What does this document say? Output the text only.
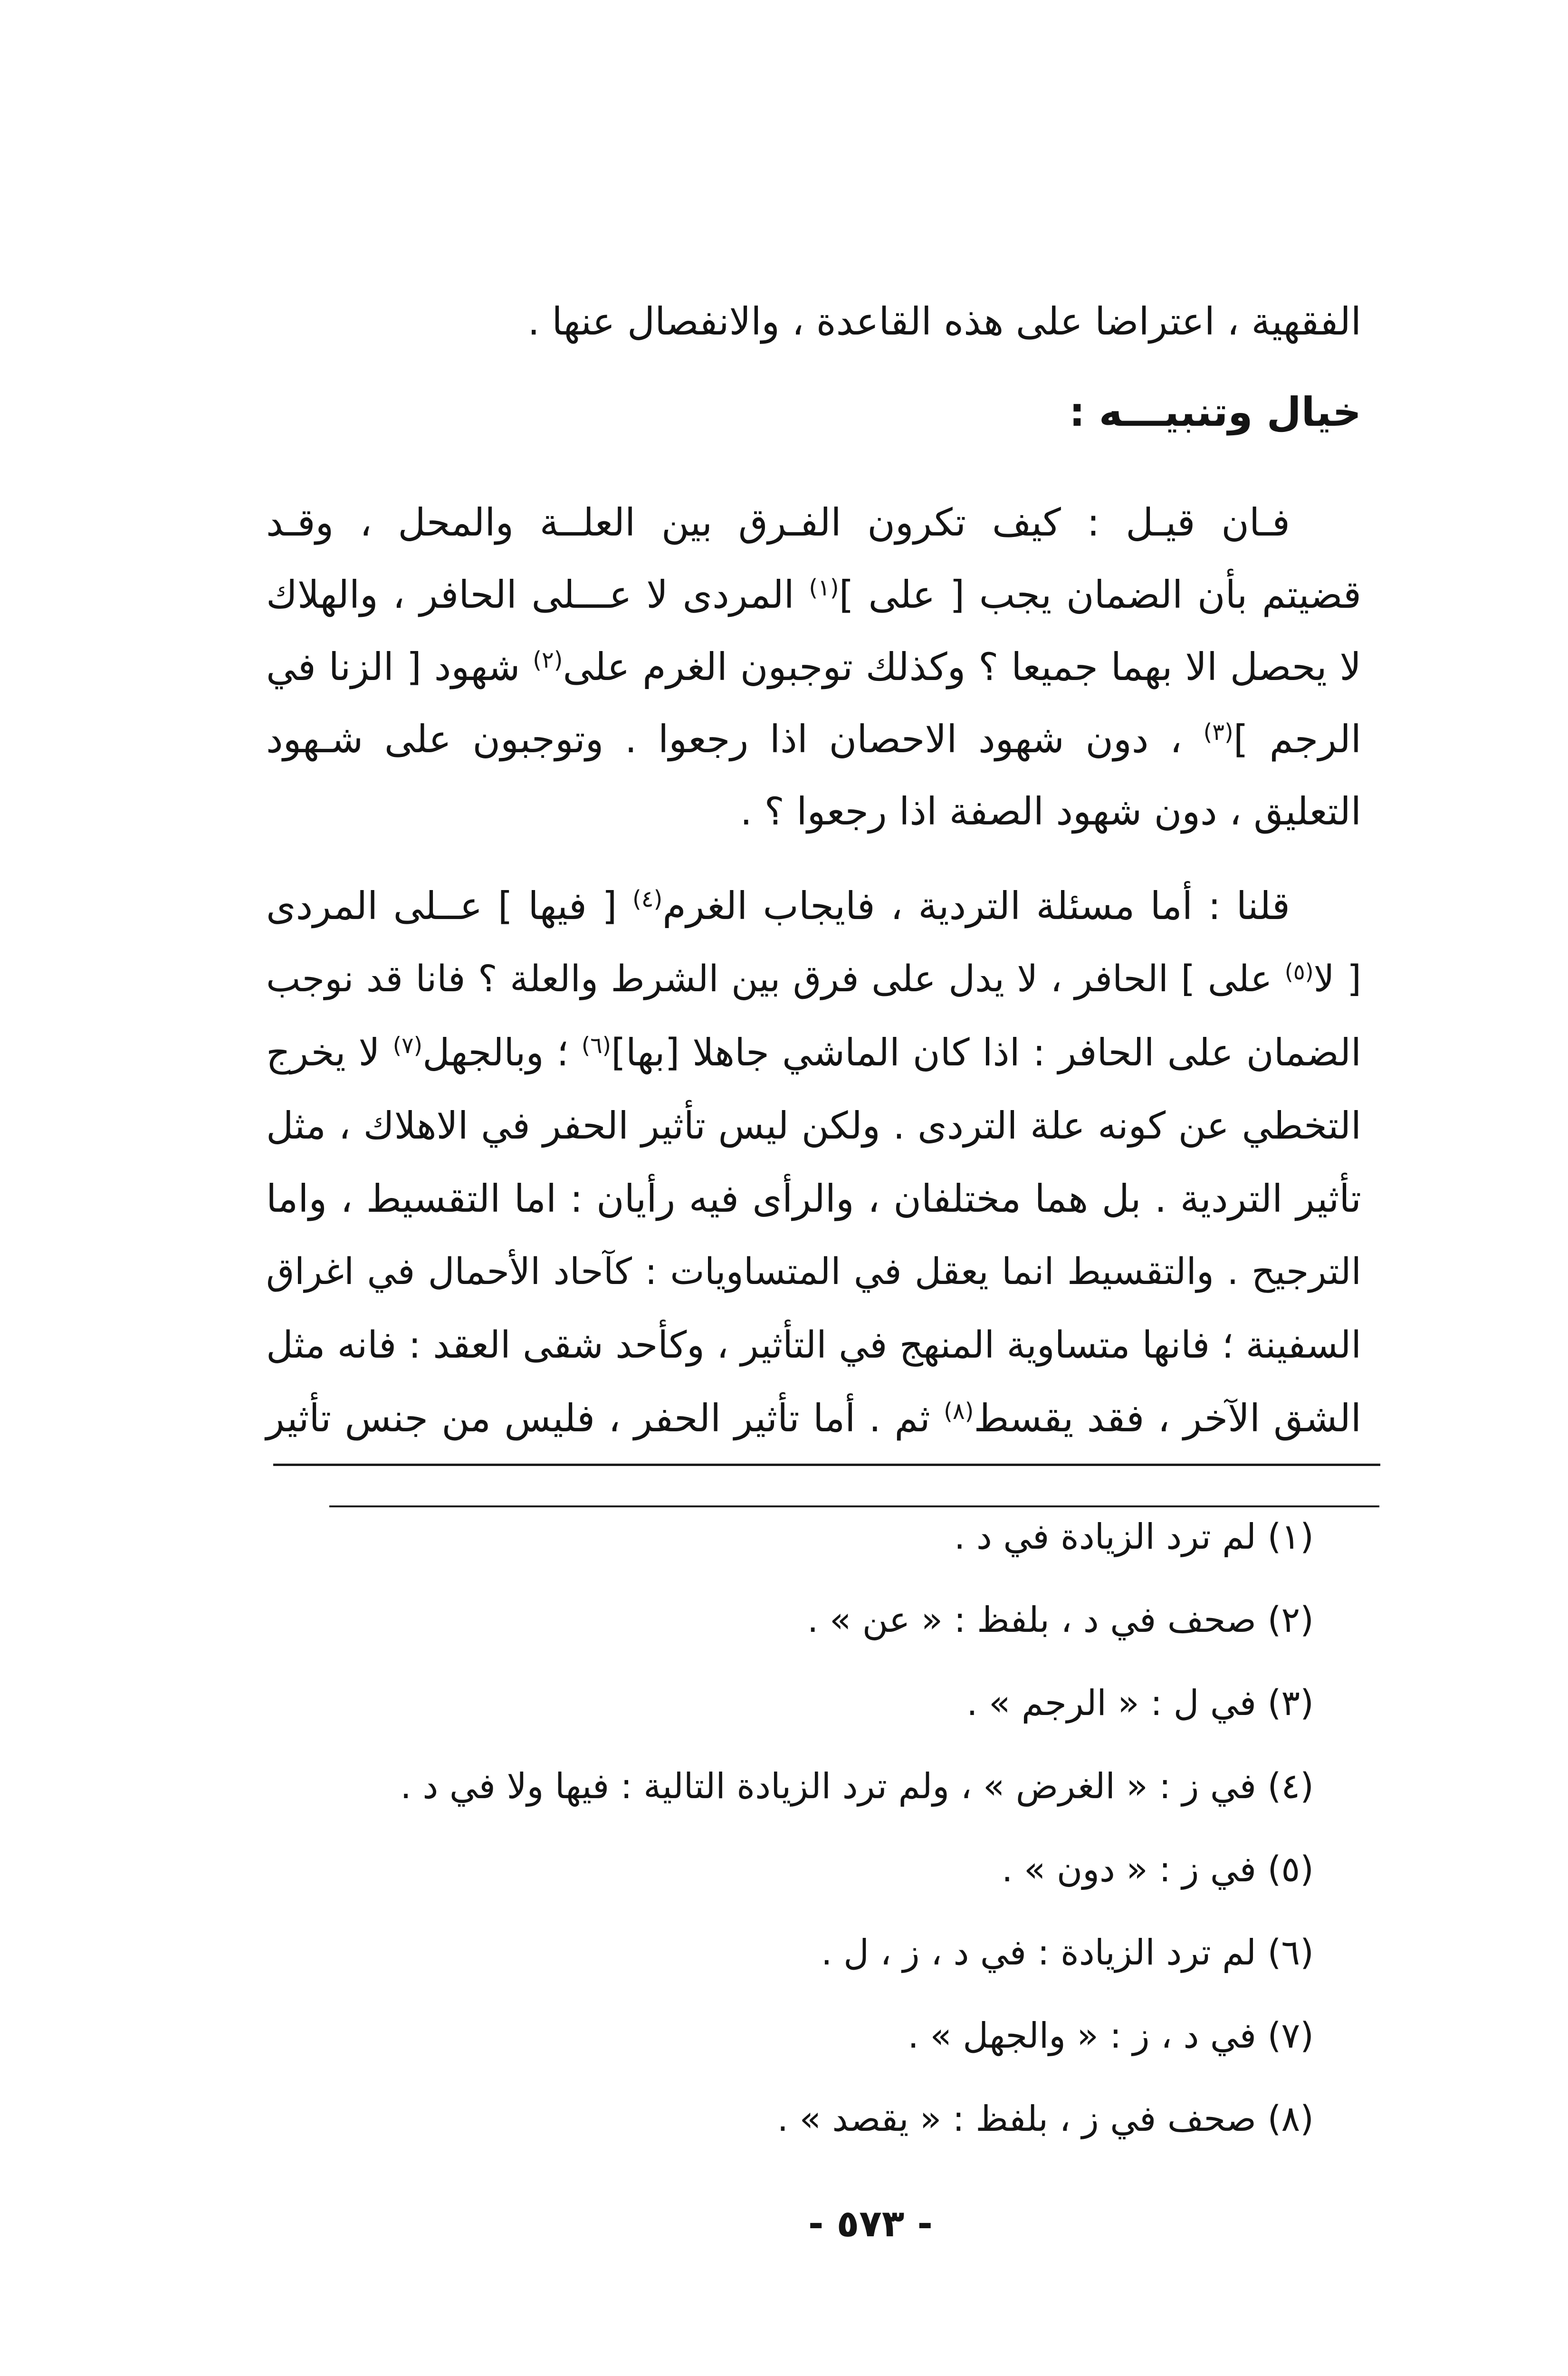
الفقهية ، اعتراضا على هذه القاعدة ، والانفصال عنها .
خيال وتنبيـــه :
فـان قيـل : كيف تكرون الفـرق بين العلــة والمحل ، وقـد
قضيتم بأن الضمان يجب [ على ]$^{(١)}$ المردى لا عـــلى الحافر ، والهلاك
لا يحصل الا بهما جميعا ؟ وكذلك توجبون الغرم على$^{(٢)}$ شهود [ الزنا في
الرجم ]$^{(٣)}$ ، دون شهود الاحصان اذا رجعوا . وتوجبون على شـهود
التعليق ، دون شهود الصفة اذا رجعوا ؟ .
قلنا : أما مسئلة التردية ، فايجاب الغرم$^{(٤)}$ [ فيها ] عــلى المردى
[ لا$^{(٥)}$ على ] الحافر ، لا يدل على فرق بين الشرط والعلة ؟ فانا قد نوجب
الضمان على الحافر : اذا كان الماشي جاهلا [بها]$^{(٦)}$ ؛ وبالجهل$^{(٧)}$ لا يخرج
التخطي عن كونه علة التردى . ولكن ليس تأثير الحفر في الاهلاك ، مثل
تأثير التردية . بل هما مختلفان ، والرأى فيه رأيان : اما التقسيط ، واما
الترجيح . والتقسيط انما يعقل في المتساويات : كآحاد الأحمال في اغراق
السفينة ؛ فانها متساوية المنهج في التأثير ، وكأحد شقى العقد : فانه مثل
الشق الآخر ، فقد يقسط$^{(٨)}$ ثم . أما تأثير الحفر ، فليس من جنس تأثير
(١) لم ترد الزيادة في د .
(٢) صحف في د ، بلفظ : « عن » .
(٣) في ل : « الرجم » .
(٤) في ز : « الغرض » ، ولم ترد الزيادة التالية : فيها ولا في د .
(٥) في ز : « دون » .
(٦) لم ترد الزيادة : في د ، ز ، ل .
(٧) في د ، ز : « والجهل » .
(٨) صحف في ز ، بلفظ : « يقصد » .
- ٥٧٣ -
